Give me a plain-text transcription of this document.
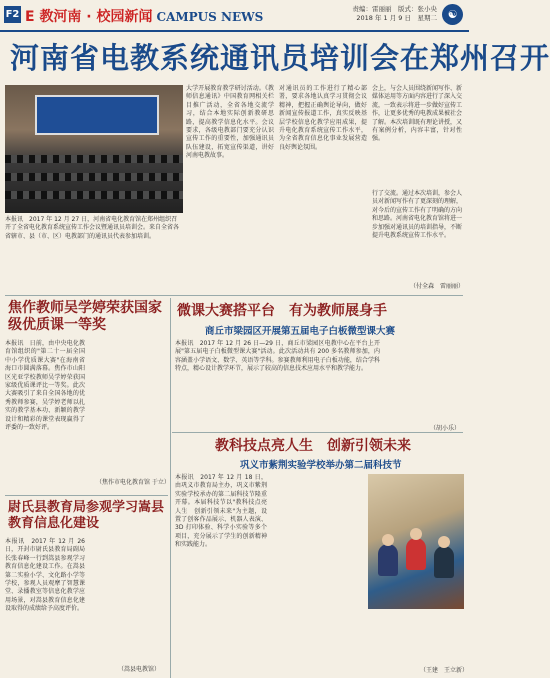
F2 E 教河南 · 校园新闻 CAMPUS NEWS
责编：雷丽丽　版式：张小央
2018 年 1 月 9 日　星期二 ☯
河南省电教系统通讯员培训会在郑州召开
本报讯　2017 年 12 月 27 日，河南省电化教育馆在郑州组织召开了全省电化教育系统宣传工作会议暨通讯员培训会。来自全省各省辖市、县（市、区）电教部门的通讯员代表参加培训。
大学开展教育教学研讨活动。《教师信息通讯》中国教育网相关栏目推广活动，全省各地交流学习，结合本地实际创新教研思路，提高教学信息化水平。会议要求，各级电教部门要充分认识宣传工作的重要性，加强通讯员队伍建设，拓宽宣传渠道，讲好河南电教故事。
对通讯员的工作进行了精心部署，要求各地认真学习贯彻会议精神，把握正确舆论导向，做好新闻宣传报道工作，真实反映基层学校信息化教学应用成果，提升电化教育系统宣传工作水平，为全省教育信息化事业发展营造良好舆论氛围。
会上，与会人员围绕新闻写作、新媒体运用等方面内容进行了深入交流，一致表示将进一步做好宣传工作，让更多优秀的电教成果被社会了解。本次培训既有理论讲授，又有案例分析，内容丰富，针对性强。
行了交流。通过本次培训，参会人员对新闻写作有了更深刻的理解，对今后的宣传工作有了明确的方向和思路。河南省电化教育馆将进一步加强对通讯员的培训指导，不断提升电教系统宣传工作水平。
（付全森　雷丽丽）
焦作教师吴学婷荣获国家级优质课一等奖
本报讯　日前，由中央电化教育馆组织的"第二十一届全国中小学优质课大赛"在海南省海口市圆满落幕。焦作市山阳区光亚学校教师吴学婷荣获国家级优质课评比一等奖。此次大赛吸引了来自全国各地的优秀教师参赛，吴学婷老师以扎实的教学基本功、新颖的教学设计和精彩的课堂表现赢得了评委的一致好评。
（焦作市电化教育馆 于立）
微课大赛搭平台　有为教师展身手
商丘市梁园区开展第五届电子白板微型课大赛
本报讯　2017 年 12 月 26 日—29 日，商丘市梁园区电教中心在平台上开展"第五届电子白板微型课大赛"活动。此次活动共有 200 多名教师参加，内容涵盖小学语文、数学、英语等学科。参赛教师利用电子白板功能，结合学科特点，精心设计教学环节，展示了较高的信息技术应用水平和教学能力。
（胡小乐）
尉氏县教育局参观学习嵩县教育信息化建设
本报讯　2017 年 12 月 26 日，开封市尉氏县教育局副局长张春峰一行到嵩县参观学习教育信息化建设工作。在嵩县第二实验小学、文化路小学等学校，参观人员观摩了智慧课堂、录播教室等信息化教学应用场景，对嵩县教育信息化建设取得的成绩给予高度评价。
（嵩县电教馆）
教科技点亮人生　创新引领未来
巩义市紫荆实验学校举办第二届科技节
本报讯　2017 年 12 月 18 日，由巩义市教育局主办，巩义市紫荆实验学校承办的第二届科技节隆重开幕。本届科技节以"教科技点亮人生　创新引领未来"为主题，设置了创客作品展示、机器人表演、3D 打印体验、科学小实验等多个项目，充分展示了学生的创新精神和实践能力。
（王建　王立新）
